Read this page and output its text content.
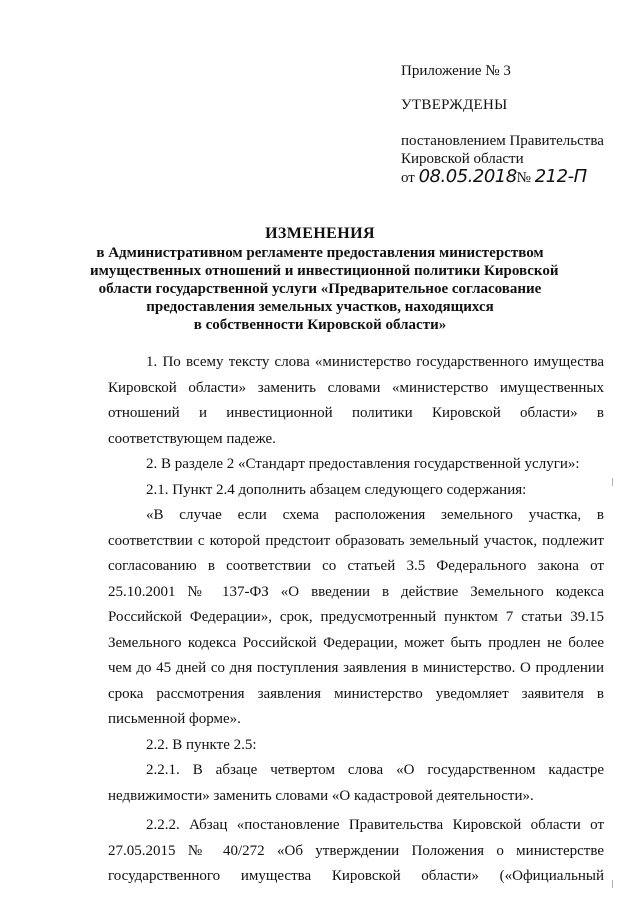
Приложение № 3
УТВЕРЖДЕНЫ
постановлением Правительства
Кировской области
от 08.05.2018№ 212-П
ИЗМЕНЕНИЯ
в Административном регламенте предоставления министерством
имущественных отношений и инвестиционной политики Кировской
области государственной услуги «Предварительное согласование
предоставления земельных участков, находящихся
в собственности Кировской области»

1. По всему тексту слова «министерство государственного имущества Кировской области» заменить словами «министерство имущественных отношений и инвестиционной политики Кировской области» в соответствующем падеже.

2. В разделе 2 «Стандарт предоставления государственной услуги»:

2.1. Пункт 2.4 дополнить абзацем следующего содержания:

«В случае если схема расположения земельного участка, в соответствии с которой предстоит образовать земельный участок, подлежит согласованию в соответствии со статьей 3.5 Федерального закона от 25.10.2001 № 137-ФЗ «О введении в действие Земельного кодекса Российской Федерации», срок, предусмотренный пунктом 7 статьи 39.15 Земельного кодекса Российской Федерации, может быть продлен не более чем до 45 дней со дня поступления заявления в министерство. О продлении срока рассмотрения заявления министерство уведомляет заявителя в письменной форме».

2.2. В пункте 2.5:

2.2.1. В абзаце четвертом слова «О государственном кадастре недвижимости» заменить словами «О кадастровой деятельности».

2.2.2. Абзац «постановление Правительства Кировской области от 27.05.2015 № 40/272 «Об утверждении Положения о министерстве государственного имущества Кировской области» («Официальный
